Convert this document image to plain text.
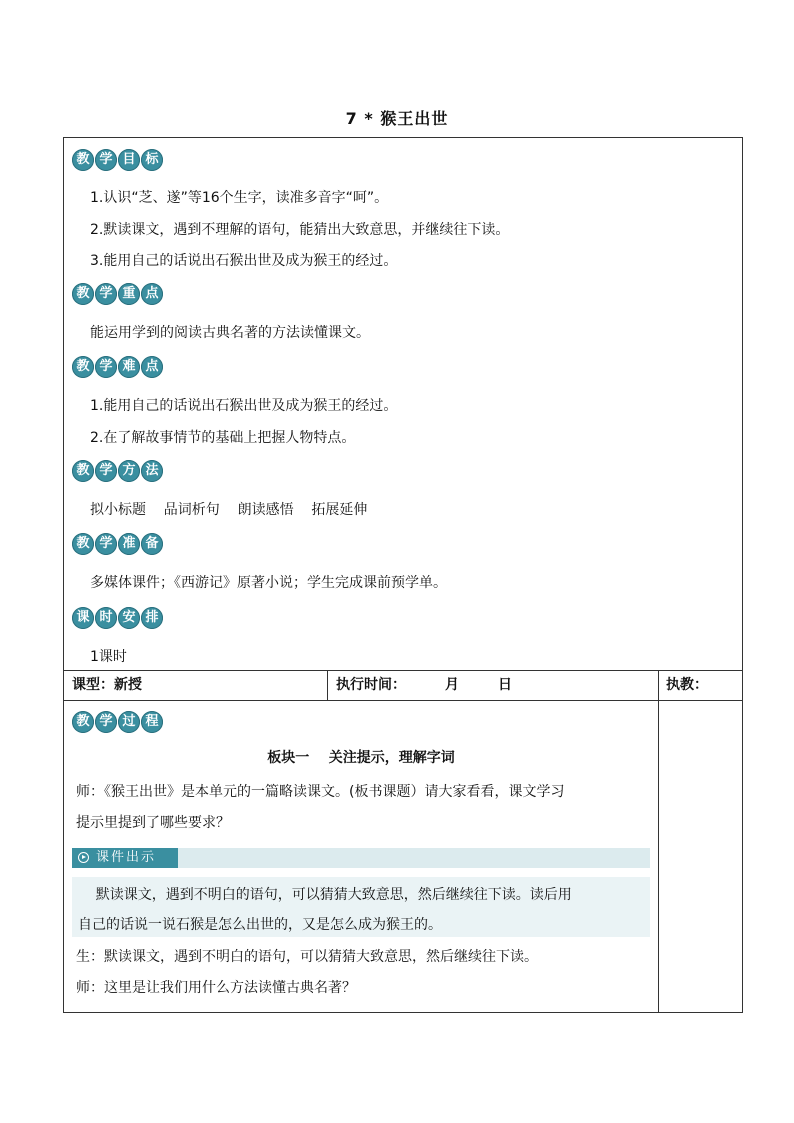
7 * 猴王出世
教 学 目 标
1.认识“芝、遂”等16个生字，读准多音字“呵”。
2.默读课文，遇到不理解的语句，能猜出大致意思，并继续往下读。
3.能用自己的话说出石猴出世及成为猴王的经过。
教 学 重 点
能运用学到的阅读古典名著的方法读懂课文。
教 学 难 点
1.能用自己的话说出石猴出世及成为猴王的经过。
2.在了解故事情节的基础上把握人物特点。
教 学 方 法
拟小标题    品词析句    朗读感悟    拓展延伸
教 学 准 备
多媒体课件；《西游记》原著小说；学生完成课前预学单。
课 时 安 排
1课时
课型：新授	执行时间：        月        日	执教：
教 学 过 程
板块一    关注提示，理解字词
师：《猴王出世》是本单元的一篇略读课文。(板书课题）请大家看看，课文学习
提示里提到了哪些要求？
课件出示
默读课文，遇到不明白的语句，可以猜猜大致意思，然后继续往下读。读后用
自己的话说一说石猴是怎么出世的，又是怎么成为猴王的。
生：默读课文，遇到不明白的语句，可以猜猜大致意思，然后继续往下读。
师：这里是让我们用什么方法读懂古典名著？
